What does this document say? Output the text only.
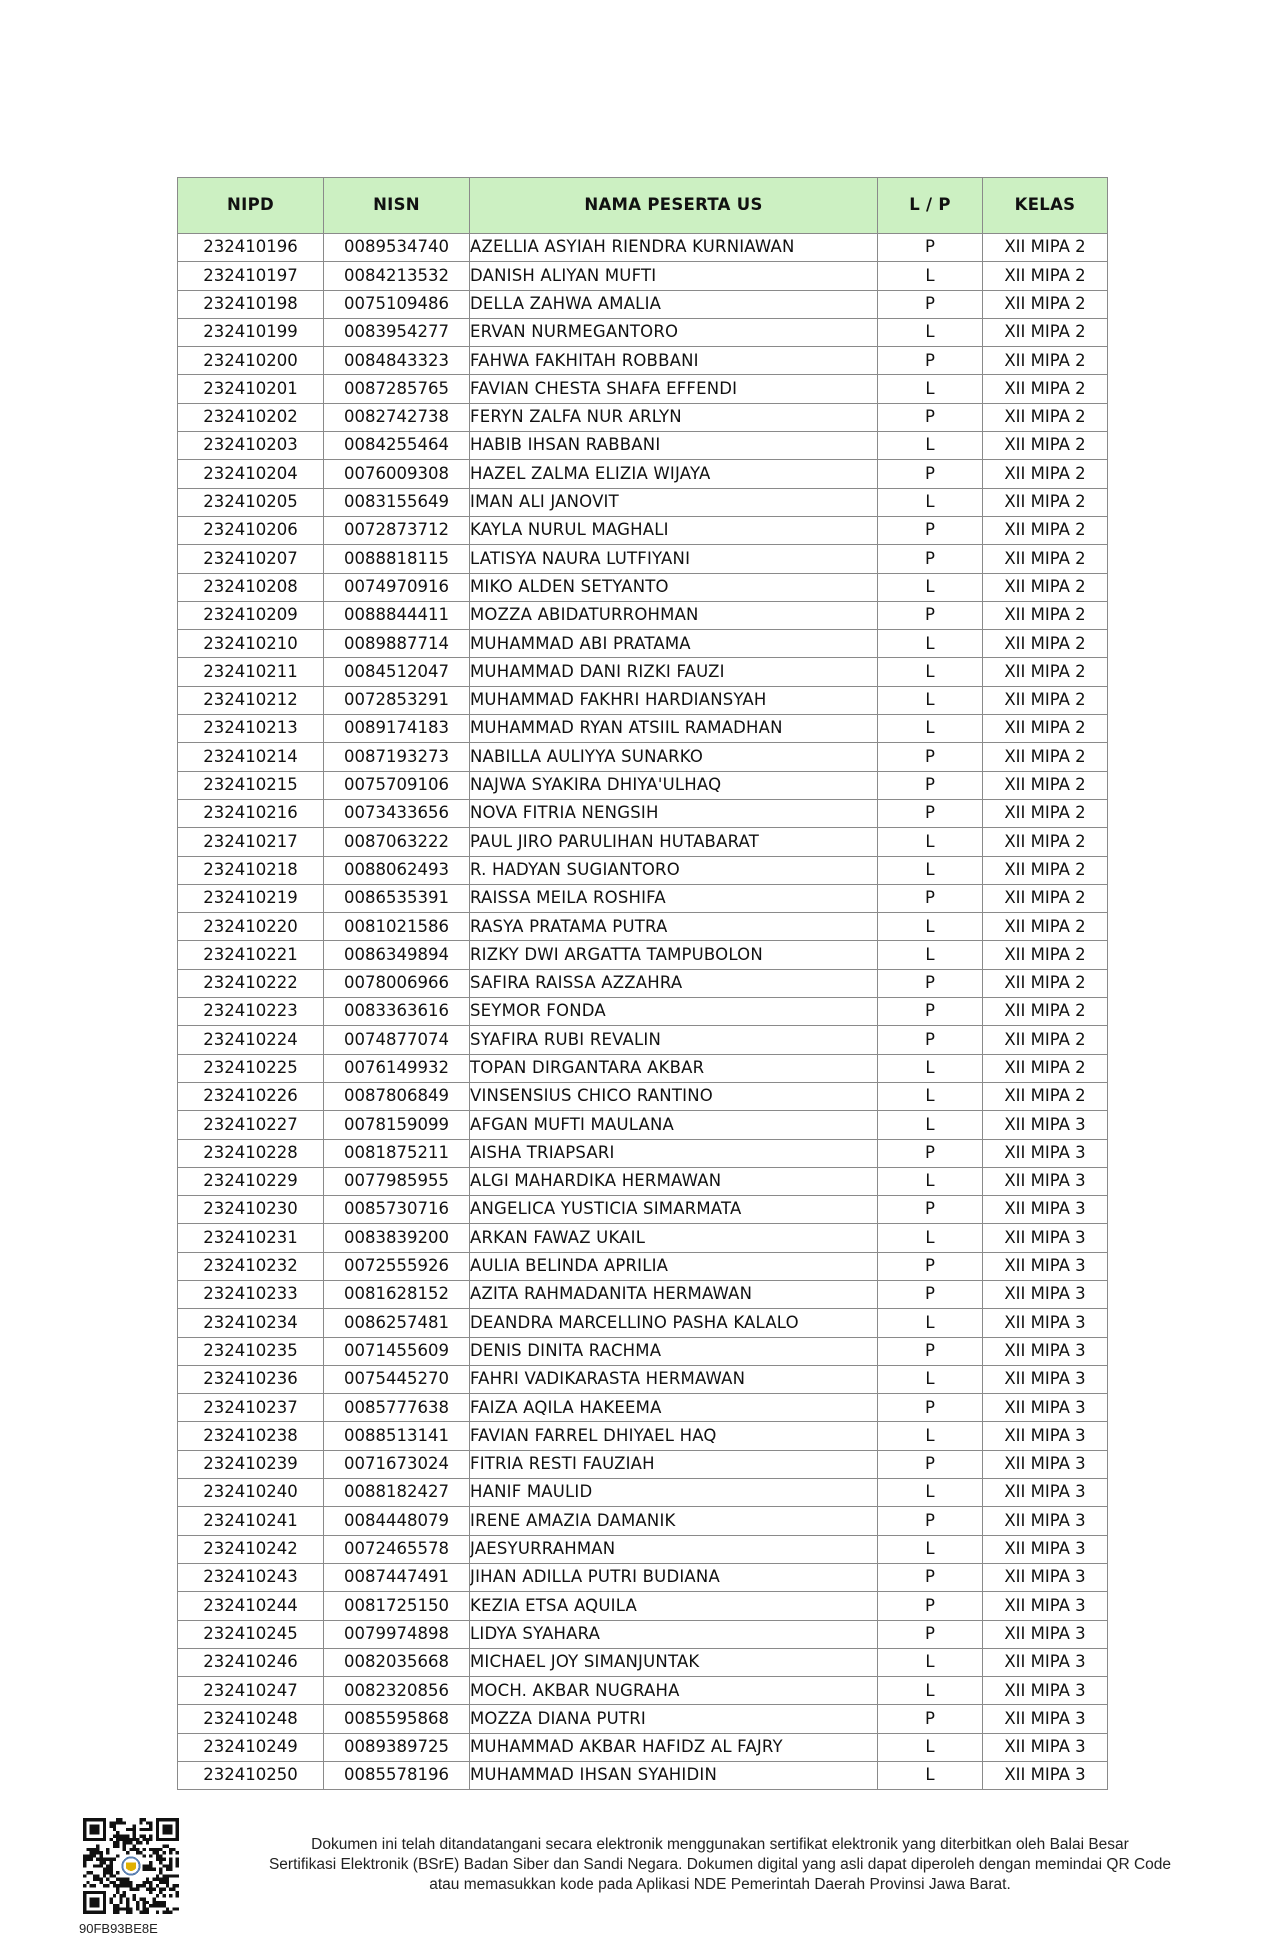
NIPD	NISN	NAMA PESERTA US	L / P	KELAS
232410196	0089534740	AZELLIA ASYIAH RIENDRA KURNIAWAN	P	XII MIPA 2
232410197	0084213532	DANISH ALIYAN MUFTI	L	XII MIPA 2
232410198	0075109486	DELLA ZAHWA AMALIA	P	XII MIPA 2
232410199	0083954277	ERVAN NURMEGANTORO	L	XII MIPA 2
232410200	0084843323	FAHWA FAKHITAH ROBBANI	P	XII MIPA 2
232410201	0087285765	FAVIAN CHESTA SHAFA EFFENDI	L	XII MIPA 2
232410202	0082742738	FERYN ZALFA NUR ARLYN	P	XII MIPA 2
232410203	0084255464	HABIB IHSAN RABBANI	L	XII MIPA 2
232410204	0076009308	HAZEL ZALMA ELIZIA WIJAYA	P	XII MIPA 2
232410205	0083155649	IMAN ALI JANOVIT	L	XII MIPA 2
232410206	0072873712	KAYLA NURUL MAGHALI	P	XII MIPA 2
232410207	0088818115	LATISYA NAURA LUTFIYANI	P	XII MIPA 2
232410208	0074970916	MIKO ALDEN SETYANTO	L	XII MIPA 2
232410209	0088844411	MOZZA ABIDATURROHMAN	P	XII MIPA 2
232410210	0089887714	MUHAMMAD ABI PRATAMA	L	XII MIPA 2
232410211	0084512047	MUHAMMAD DANI RIZKI FAUZI	L	XII MIPA 2
232410212	0072853291	MUHAMMAD FAKHRI HARDIANSYAH	L	XII MIPA 2
232410213	0089174183	MUHAMMAD RYAN ATSIIL RAMADHAN	L	XII MIPA 2
232410214	0087193273	NABILLA AULIYYA SUNARKO	P	XII MIPA 2
232410215	0075709106	NAJWA SYAKIRA DHIYA'ULHAQ	P	XII MIPA 2
232410216	0073433656	NOVA FITRIA NENGSIH	P	XII MIPA 2
232410217	0087063222	PAUL JIRO PARULIHAN HUTABARAT	L	XII MIPA 2
232410218	0088062493	R. HADYAN SUGIANTORO	L	XII MIPA 2
232410219	0086535391	RAISSA MEILA ROSHIFA	P	XII MIPA 2
232410220	0081021586	RASYA PRATAMA PUTRA	L	XII MIPA 2
232410221	0086349894	RIZKY DWI ARGATTA TAMPUBOLON	L	XII MIPA 2
232410222	0078006966	SAFIRA RAISSA AZZAHRA	P	XII MIPA 2
232410223	0083363616	SEYMOR FONDA	P	XII MIPA 2
232410224	0074877074	SYAFIRA RUBI REVALIN	P	XII MIPA 2
232410225	0076149932	TOPAN DIRGANTARA AKBAR	L	XII MIPA 2
232410226	0087806849	VINSENSIUS CHICO RANTINO	L	XII MIPA 2
232410227	0078159099	AFGAN MUFTI MAULANA	L	XII MIPA 3
232410228	0081875211	AISHA TRIAPSARI	P	XII MIPA 3
232410229	0077985955	ALGI MAHARDIKA HERMAWAN	L	XII MIPA 3
232410230	0085730716	ANGELICA YUSTICIA SIMARMATA	P	XII MIPA 3
232410231	0083839200	ARKAN FAWAZ UKAIL	L	XII MIPA 3
232410232	0072555926	AULIA BELINDA APRILIA	P	XII MIPA 3
232410233	0081628152	AZITA RAHMADANITA HERMAWAN	P	XII MIPA 3
232410234	0086257481	DEANDRA MARCELLINO PASHA KALALO	L	XII MIPA 3
232410235	0071455609	DENIS DINITA RACHMA	P	XII MIPA 3
232410236	0075445270	FAHRI VADIKARASTA HERMAWAN	L	XII MIPA 3
232410237	0085777638	FAIZA AQILA HAKEEMA	P	XII MIPA 3
232410238	0088513141	FAVIAN FARREL DHIYAEL HAQ	L	XII MIPA 3
232410239	0071673024	FITRIA RESTI FAUZIAH	P	XII MIPA 3
232410240	0088182427	HANIF MAULID	L	XII MIPA 3
232410241	0084448079	IRENE AMAZIA DAMANIK	P	XII MIPA 3
232410242	0072465578	JAESYURRAHMAN	L	XII MIPA 3
232410243	0087447491	JIHAN ADILLA PUTRI BUDIANA	P	XII MIPA 3
232410244	0081725150	KEZIA ETSA AQUILA	P	XII MIPA 3
232410245	0079974898	LIDYA SYAHARA	P	XII MIPA 3
232410246	0082035668	MICHAEL JOY SIMANJUNTAK	L	XII MIPA 3
232410247	0082320856	MOCH. AKBAR NUGRAHA	L	XII MIPA 3
232410248	0085595868	MOZZA DIANA PUTRI	P	XII MIPA 3
232410249	0089389725	MUHAMMAD AKBAR HAFIDZ AL FAJRY	L	XII MIPA 3
232410250	0085578196	MUHAMMAD IHSAN SYAHIDIN	L	XII MIPA 3
90FB93BE8E
Dokumen ini telah ditandatangani secara elektronik menggunakan sertifikat elektronik yang diterbitkan oleh Balai Besar
Sertifikasi Elektronik (BSrE) Badan Siber dan Sandi Negara. Dokumen digital yang asli dapat diperoleh dengan memindai QR Code
atau memasukkan kode pada Aplikasi NDE Pemerintah Daerah Provinsi Jawa Barat.
